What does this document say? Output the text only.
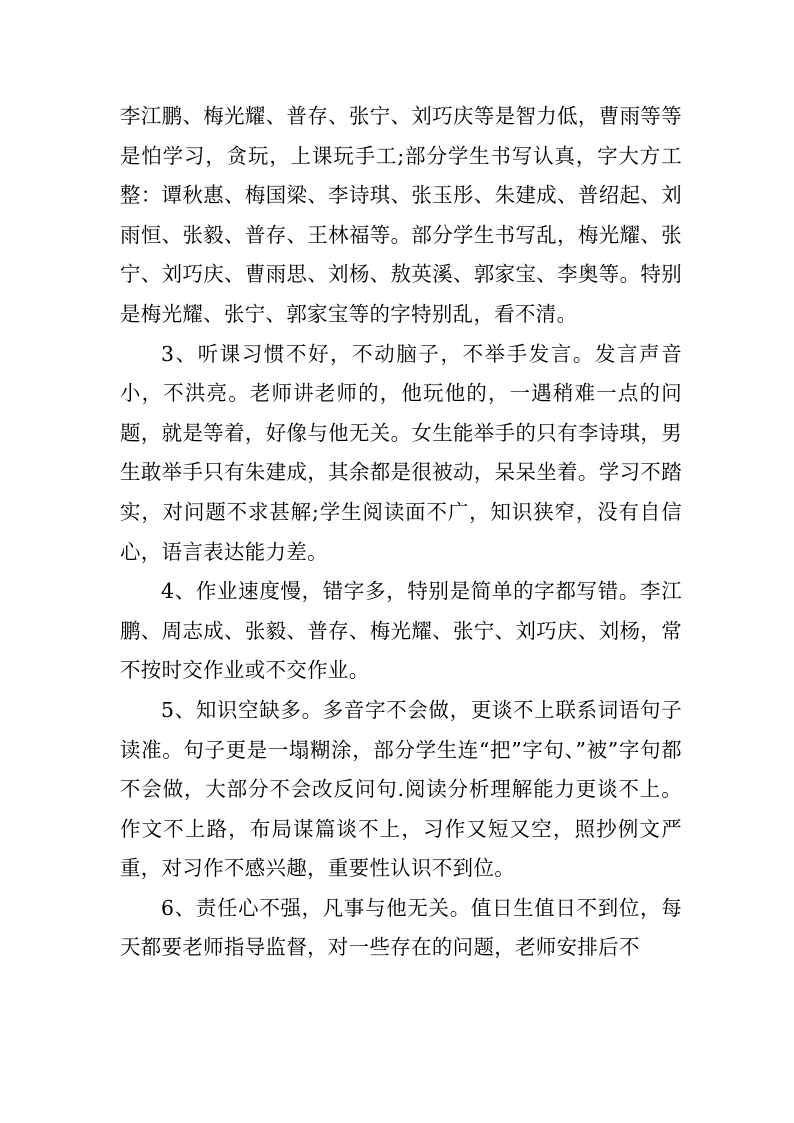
李江鹏、梅光耀、普存、张宁、刘巧庆等是智力低，曹雨等等是怕学习，贪玩，上课玩手工;部分学生书写认真，字大方工整：谭秋惠、梅国梁、李诗琪、张玉彤、朱建成、普绍起、刘雨恒、张毅、普存、王林福等。部分学生书写乱，梅光耀、张宁、刘巧庆、曹雨思、刘杨、敖英溪、郭家宝、李奥等。特别是梅光耀、张宁、郭家宝等的字特别乱，看不清。

3、听课习惯不好，不动脑子，不举手发言。发言声音小，不洪亮。老师讲老师的，他玩他的，一遇稍难一点的问题，就是等着，好像与他无关。女生能举手的只有李诗琪，男生敢举手只有朱建成，其余都是很被动，呆呆坐着。学习不踏实，对问题不求甚解;学生阅读面不广，知识狭窄，没有自信心，语言表达能力差。

4、作业速度慢，错字多，特别是简单的字都写错。李江鹏、周志成、张毅、普存、梅光耀、张宁、刘巧庆、刘杨，常不按时交作业或不交作业。

5、知识空缺多。多音字不会做，更谈不上联系词语句子读准。句子更是一塌糊涂，部分学生连“把”字句、”被”字句都不会做，大部分不会改反问句.阅读分析理解能力更谈不上。作文不上路，布局谋篇谈不上，习作又短又空，照抄例文严重，对习作不感兴趣，重要性认识不到位。

6、责任心不强，凡事与他无关。值日生值日不到位，每天都要老师指导监督，对一些存在的问题，老师安排后不
